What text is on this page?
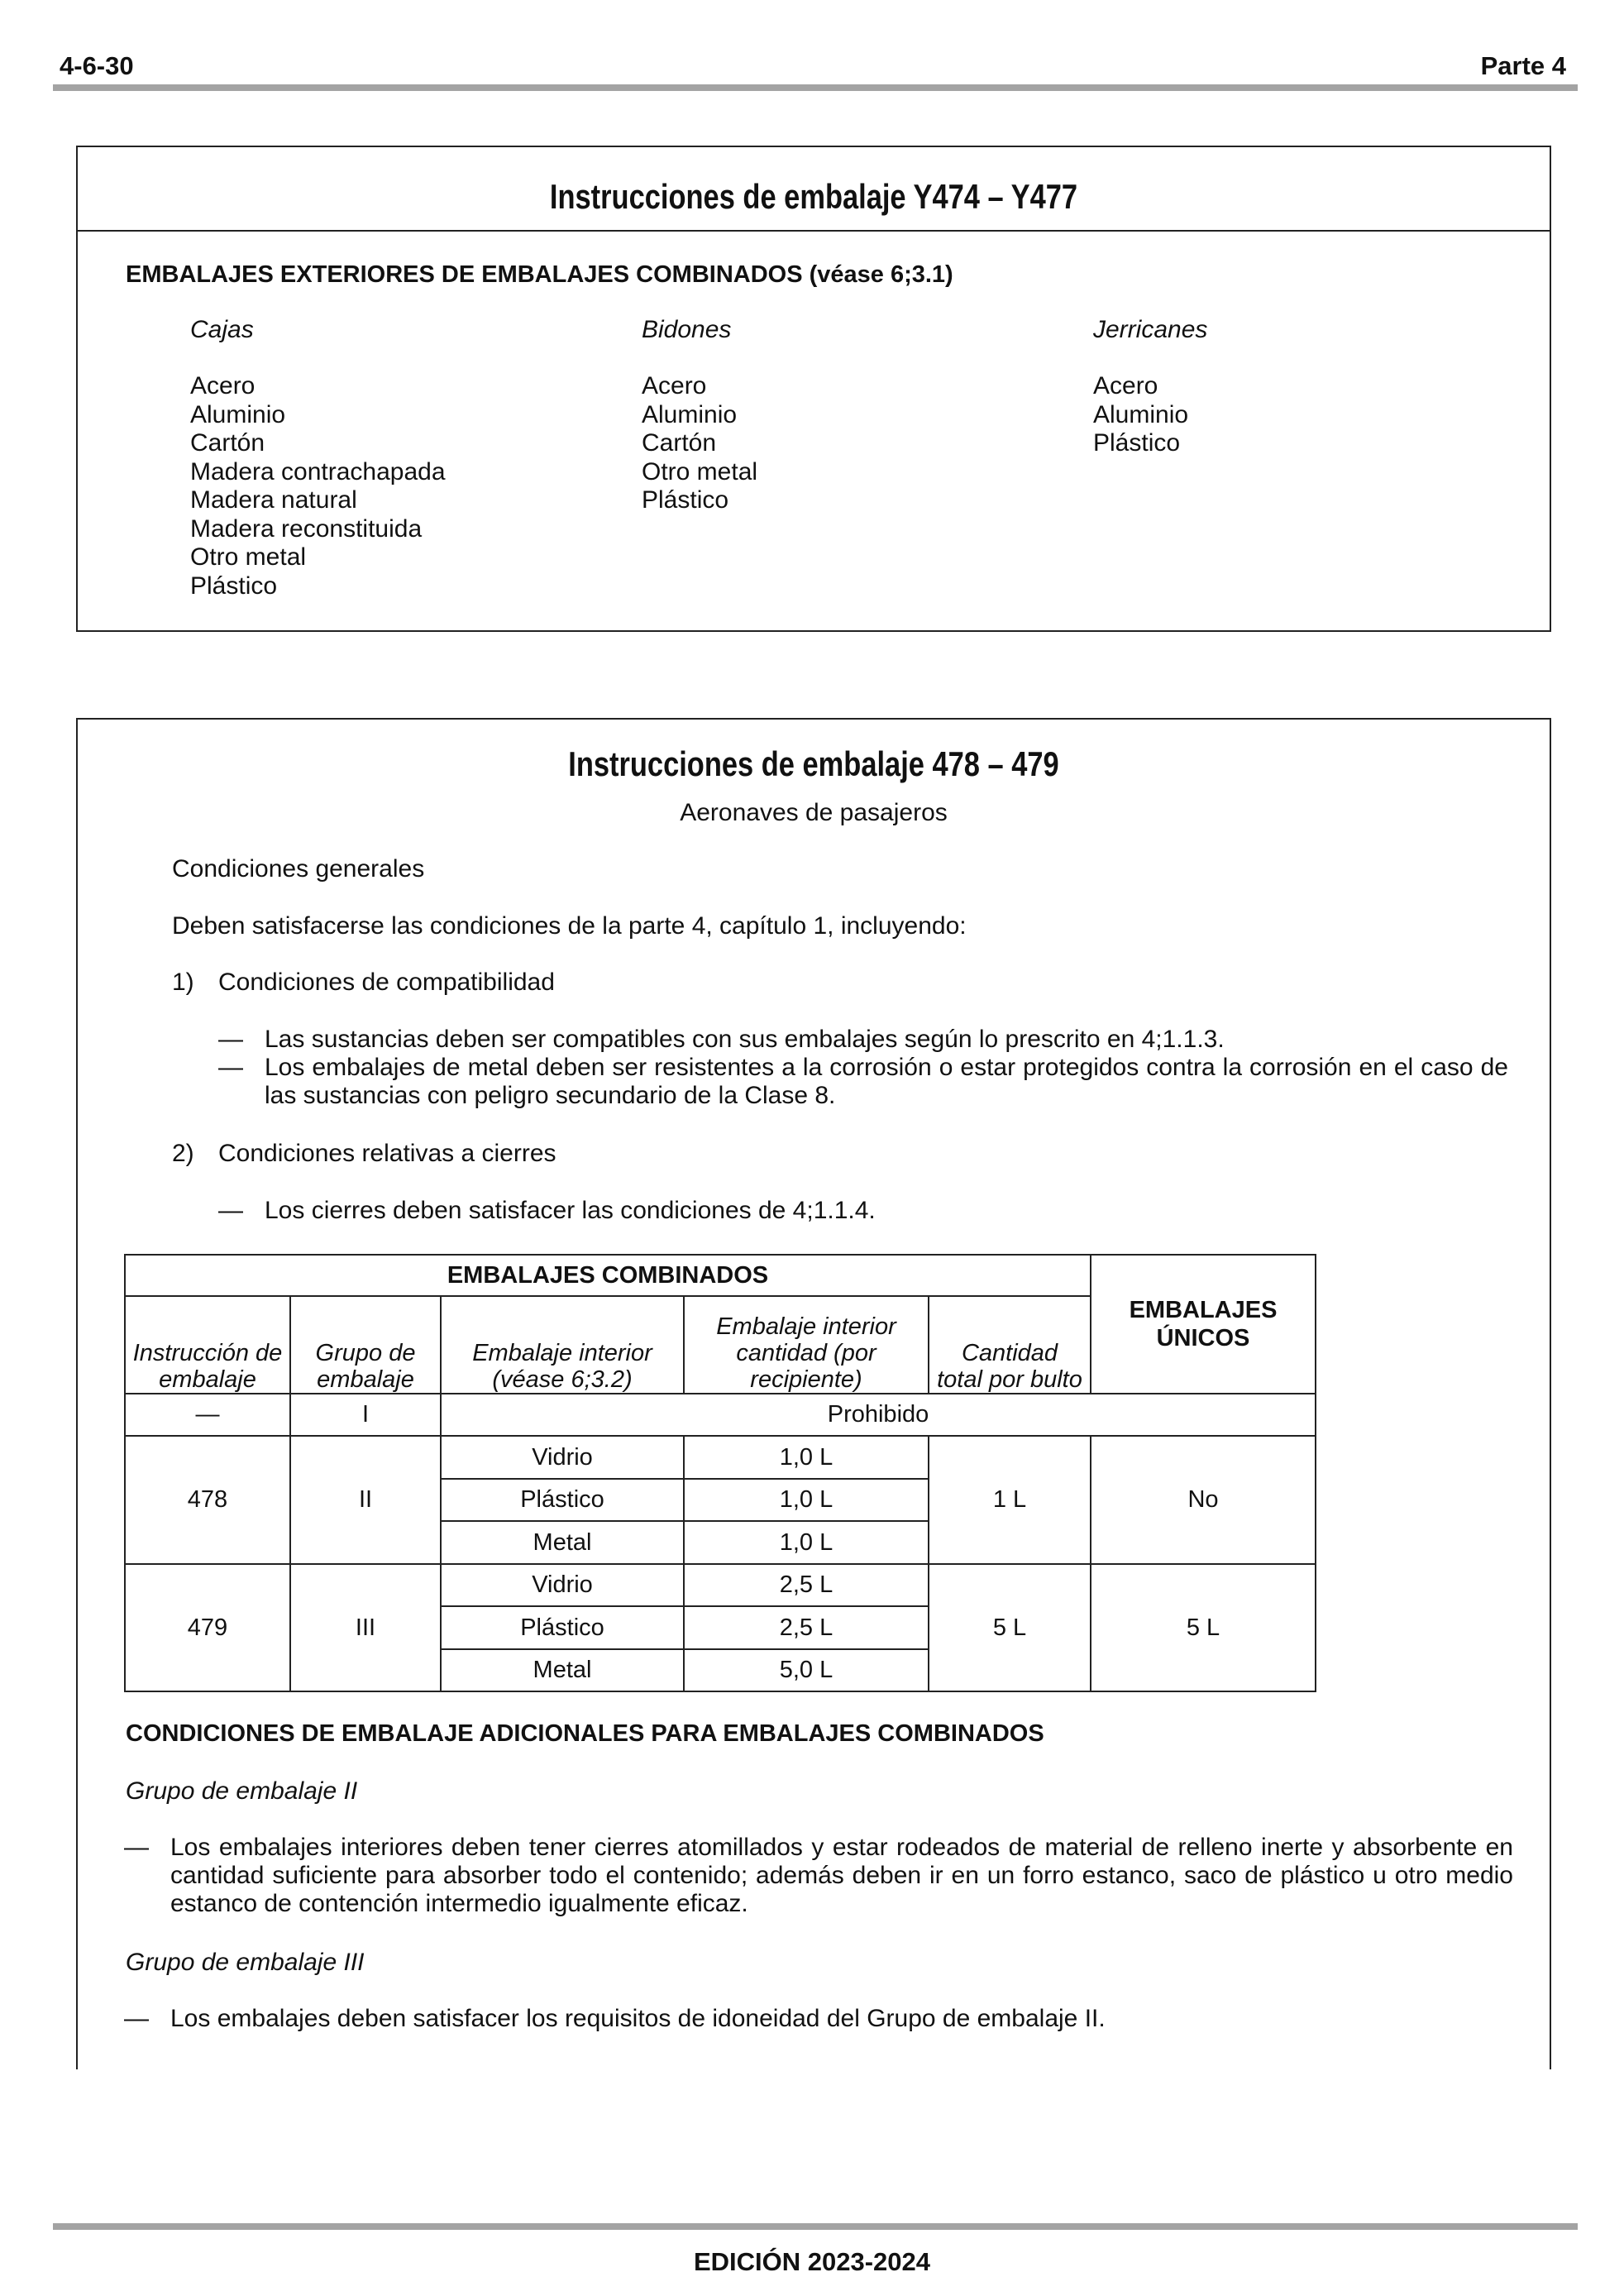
4-6-30	Parte 4
Instrucciones de embalaje Y474 – Y477
EMBALAJES EXTERIORES DE EMBALAJES COMBINADOS (véase 6;3.1)
Cajas
Acero
Aluminio
Cartón
Madera contrachapada
Madera natural
Madera reconstituida
Otro metal
Plástico
Bidones
Acero
Aluminio
Cartón
Otro metal
Plástico
Jerricanes
Acero
Aluminio
Plástico
Instrucciones de embalaje 478 – 479
Aeronaves de pasajeros
Condiciones generales
Deben satisfacerse las condiciones de la parte 4, capítulo 1, incluyendo:
1) Condiciones de compatibilidad
— Las sustancias deben ser compatibles con sus embalajes según lo prescrito en 4;1.1.3.
— Los embalajes de metal deben ser resistentes a la corrosión o estar protegidos contra la corrosión en el caso de las sustancias con peligro secundario de la Clase 8.
2) Condiciones relativas a cierres
— Los cierres deben satisfacer las condiciones de 4;1.1.4.
EMBALAJES COMBINADOS					EMBALAJES ÚNICOS
Instrucción de embalaje	Grupo de embalaje	Embalaje interior (véase 6;3.2)	Embalaje interior cantidad (por recipiente)	Cantidad total por bulto	
—	I	Prohibido			
478	II	Vidrio	1,0 L	1 L	No
		Plástico	1,0 L		
		Metal	1,0 L		
479	III	Vidrio	2,5 L	5 L	5 L
		Plástico	2,5 L		
		Metal	5,0 L		
CONDICIONES DE EMBALAJE ADICIONALES PARA EMBALAJES COMBINADOS
Grupo de embalaje II
— Los embalajes interiores deben tener cierres atomillados y estar rodeados de material de relleno inerte y absorbente en cantidad suficiente para absorber todo el contenido; además deben ir en un forro estanco, saco de plástico u otro medio estanco de contención intermedio igualmente eficaz.
Grupo de embalaje III
— Los embalajes deben satisfacer los requisitos de idoneidad del Grupo de embalaje II.
EDICIÓN 2023-2024
